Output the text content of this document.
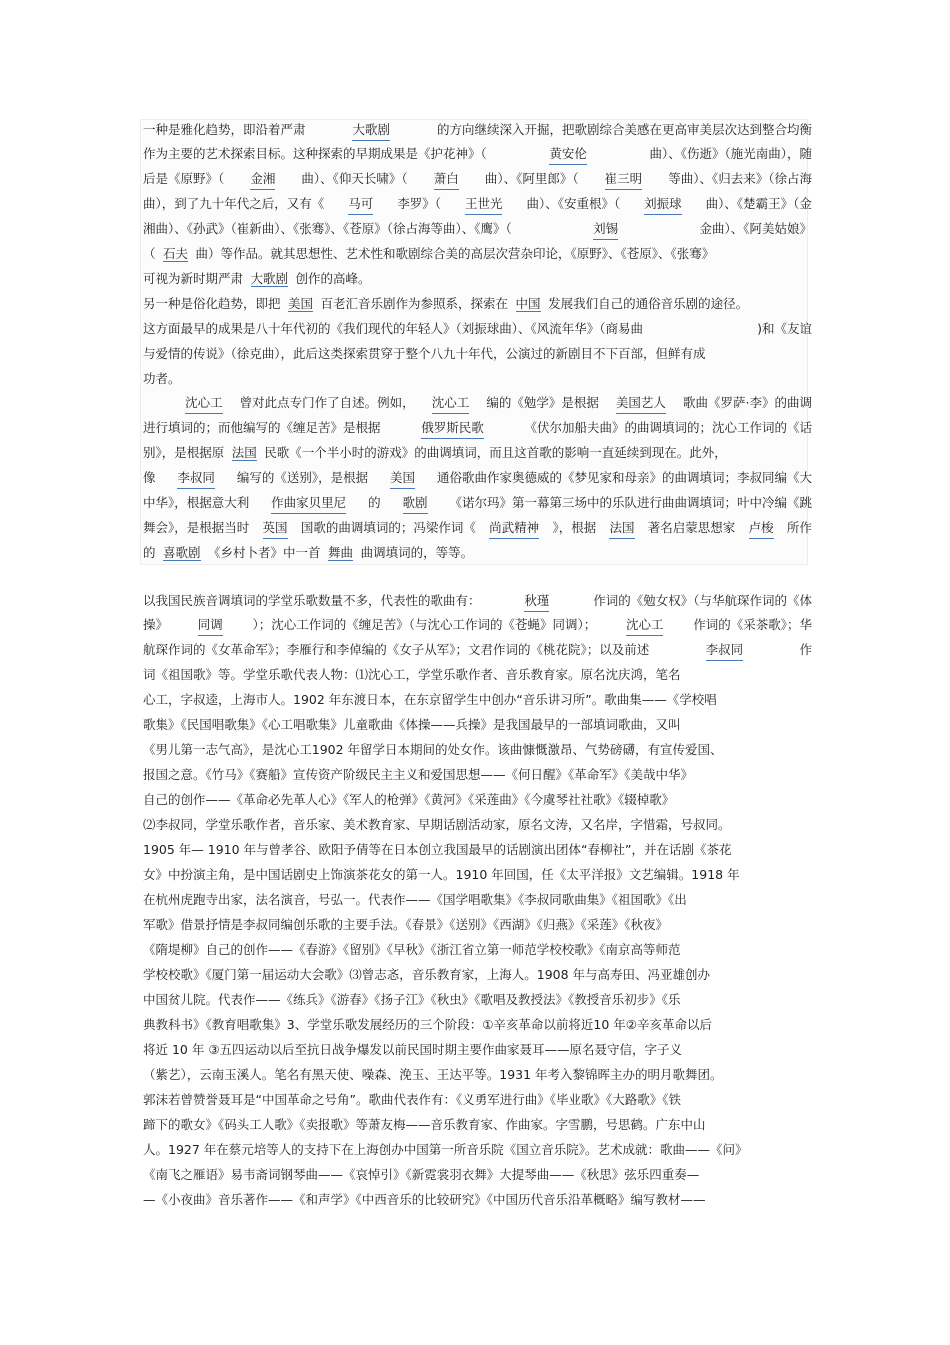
一种是雅化趋势，即沿着严肃	大歌剧	的方向继续深入开掘，把歌剧综合美感在更高审美层次达到整合均衡
作为主要的艺术探索目标。这种探索的早期成果是《护花神》（	黄安伦	曲）、《伤逝》（施光南曲），随
后是《原野》（ 金湘 曲）、《仰天长啸》（ 萧白 曲）、《阿里郎》（ 崔三明 等曲）、《归去来》（徐占海
曲），到了九十年代之后，又有《 马可 李罗》（ 王世光 曲）、《安重根》（ 刘振球 曲）、《楚霸王》（金
湘曲）、《孙武》（崔新曲）、《张骞》、《苍原》（徐占海等曲）、《鹰》（	刘锡	金曲）、《阿美姑娘》
（ 石夫 曲）等作品。就其思想性、艺术性和歌剧综合美的高层次营杂印论，《原野》、《苍原》、《张骞》
可视为新时期严肃 大歌剧 创作的高峰。
另一种是俗化趋势，即把 美国 百老汇音乐剧作为参照系，探索在 中国 发展我们自己的通俗音乐剧的途径。
这方面最早的成果是八十年代初的《我们现代的年轻人》（刘振球曲）、《风流年华》（商易曲	)和《友谊
与爱情的传说》（徐克曲），此后这类探索贯穿于整个八九十年代，公演过的新剧目不下百部，但鲜有成
功者。

沈心工 曾对此点专门作了自述。例如， 沈心工 编的《勉学》是根据 美国艺人 歌曲《罗萨·李》的曲调
进行填词的；而他编写的《缠足苦》是根据	俄罗斯民歌	《伏尔加船夫曲》的曲调填词的；沈心工作词的《话
别》，是根据原 法国 民歌《一个半小时的游戏》的曲调填词，而且这首歌的影响一直延续到现在。此外，
像 李叔同 编写的《送别》，是根据 美国 通俗歌曲作家奥德威的《梦见家和母亲》的曲调填词；李叔同编《大
中华》，根据意大利 作曲家贝里尼 的 歌剧 《诺尔玛》第一幕第三场中的乐队进行曲曲调填词；叶中冷编《跳
舞会》，是根据当时 英国 国歌的曲调填词的；冯梁作词《 尚武精神 》，根据 法国 著名启蒙思想家 卢梭 所作
的 喜歌剧 《乡村卜者》中一首 舞曲 曲调填词的，等等。
以我国民族音调填词的学堂乐歌数量不多，代表性的歌曲有：	秋瑾	作词的《勉女权》（与华航琛作词的《体
操》 同调 ）；沈心工作词的《缠足苦》（与沈心工作词的《苍蝇》同调）； 沈心工 作词的《采茶歌》；华
航琛作词的《女革命军》；李雁行和李倬编的《女子从军》；文君作词的《桃花院》；以及前述	李叔同	作
词《祖国歌》等。学堂乐歌代表人物：⑴沈心工，学堂乐歌作者、音乐教育家。原名沈庆鸿，笔名
心工，字叔逵，上海市人。1902 年东渡日本，在东京留学生中创办“音乐讲习所”。歌曲集——《学校唱
歌集》《民国唱歌集》《心工唱歌集》儿童歌曲《体操——兵操》是我国最早的一部填词歌曲，又叫
《男儿第一志气高》，是沈心工1902 年留学日本期间的处女作。该曲慷慨激昂、气势磅礴，有宣传爱国、
报国之意。《竹马》《赛船》宣传资产阶级民主主义和爱国思想——《何日醒》《革命军》《美哉中华》
自己的创作——《革命必先革人心》《军人的枪弹》《黄河》《采莲曲》《今虞琴社社歌》《辍棹歌》
⑵李叔同，学堂乐歌作者，音乐家、美术教育家、早期话剧活动家，原名文涛，又名岸，字惜霜，号叔同。
1905 年— 1910 年与曾孝谷、欧阳予倩等在日本创立我国最早的话剧演出团体“春柳社”，并在话剧《茶花
女》中扮演主角，是中国话剧史上饰演茶花女的第一人。1910 年回国，任《太平洋报》文艺编辑。1918 年
在杭州虎跑寺出家，法名演音，号弘一。代表作——《国学唱歌集》《李叔同歌曲集》《祖国歌》《出
军歌》借景抒情是李叔同编创乐歌的主要手法。《春景》《送别》《西湖》《归燕》《采莲》《秋夜》
《隋堤柳》自己的创作——《春游》《留别》《早秋》《浙江省立第一师范学校校歌》《南京高等师范
学校校歌》《厦门第一届运动大会歌》⑶曾志忞，音乐教育家，上海人。1908 年与高寿田、冯亚雄创办
中国贫儿院。代表作——《练兵》《游春》《扬子江》《秋虫》《歌唱及教授法》《教授音乐初步》《乐
典教科书》《教育唱歌集》3、学堂乐歌发展经历的三个阶段：①辛亥革命以前将近10 年②辛亥革命以后
将近 10 年 ③五四运动以后至抗日战争爆发以前民国时期主要作曲家聂耳——原名聂守信，字子义
（紫艺），云南玉溪人。笔名有黑天使、噪森、浼玉、王达平等。1931 年考入黎锦晖主办的明月歌舞团。
郭沫若曾赞誉聂耳是“中国革命之号角”。歌曲代表作有：《义勇军进行曲》《毕业歌》《大路歌》《铁
蹄下的歌女》《码头工人歌》《卖报歌》等萧友梅——音乐教育家、作曲家。字雪鹏，号思鹤。广东中山
人。1927 年在蔡元培等人的支持下在上海创办中国第一所音乐院《国立音乐院》。艺术成就：歌曲——《问》
《南飞之雁语》易韦斋词钢琴曲——《哀悼引》《新霓裳羽衣舞》大提琴曲——《秋思》弦乐四重奏—
—《小夜曲》音乐著作——《和声学》《中西音乐的比较研究》《中国历代音乐沿革概略》编写教材——
